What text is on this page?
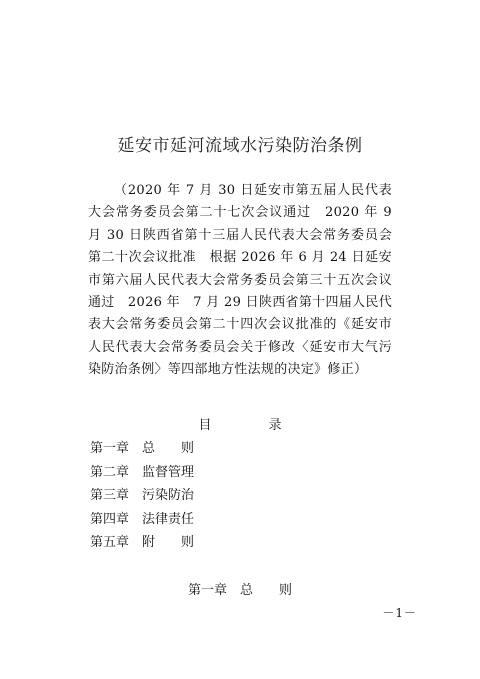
延安市延河流域水污染防治条例

（2020 年 7 月 30 日延安市第五届人民代表大会常务委员会第二十七次会议通过　2020 年 9 月 30 日陕西省第十三届人民代表大会常务委员会第二十次会议批准　根据 2026 年 6 月 24 日延安市第六届人民代表大会常务委员会第三十五次会议通过　2026 年　7 月 29 日陕西省第十四届人民代表大会常务委员会第二十四次会议批准的《延安市人民代表大会常务委员会关于修改〈延安市大气污染防治条例〉等四部地方性法规的决定》修正）

目　录
第一章 总　　则
第二章 监督管理
第三章 污染防治
第四章 法律责任
第五章 附　　则
第一章　总　　则
－1－
